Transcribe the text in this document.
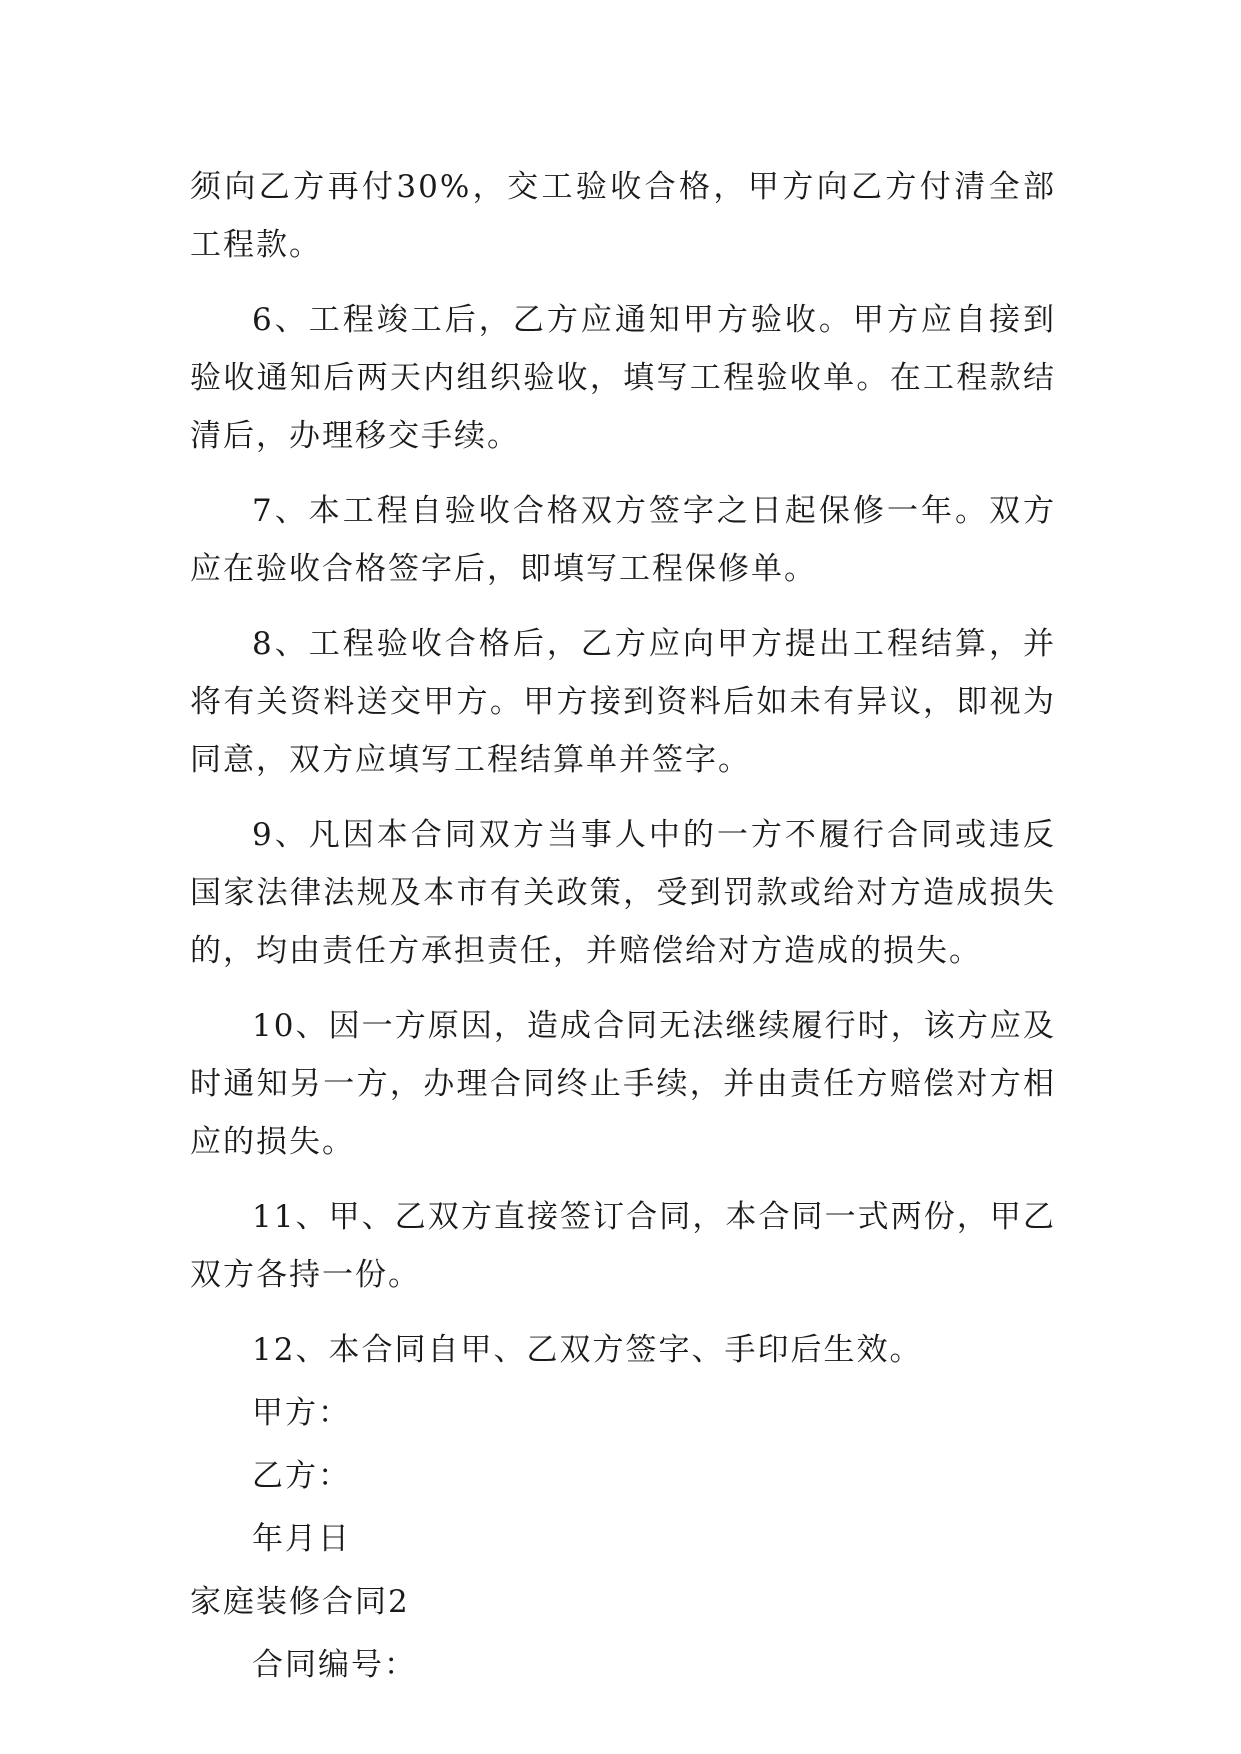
须向乙方再付30%，交工验收合格，甲方向乙方付清全部工程款。

6、工程竣工后，乙方应通知甲方验收。甲方应自接到验收通知后两天内组织验收，填写工程验收单。在工程款结清后，办理移交手续。

7、本工程自验收合格双方签字之日起保修一年。双方应在验收合格签字后，即填写工程保修单。

8、工程验收合格后，乙方应向甲方提出工程结算，并将有关资料送交甲方。甲方接到资料后如未有异议，即视为同意，双方应填写工程结算单并签字。

9、凡因本合同双方当事人中的一方不履行合同或违反国家法律法规及本市有关政策，受到罚款或给对方造成损失的，均由责任方承担责任，并赔偿给对方造成的损失。

10、因一方原因，造成合同无法继续履行时，该方应及时通知另一方，办理合同终止手续，并由责任方赔偿对方相应的损失。

11、甲、乙双方直接签订合同，本合同一式两份，甲乙双方各持一份。

12、本合同自甲、乙双方签字、手印后生效。

甲方：

乙方：

年月日

家庭装修合同2

合同编号：
